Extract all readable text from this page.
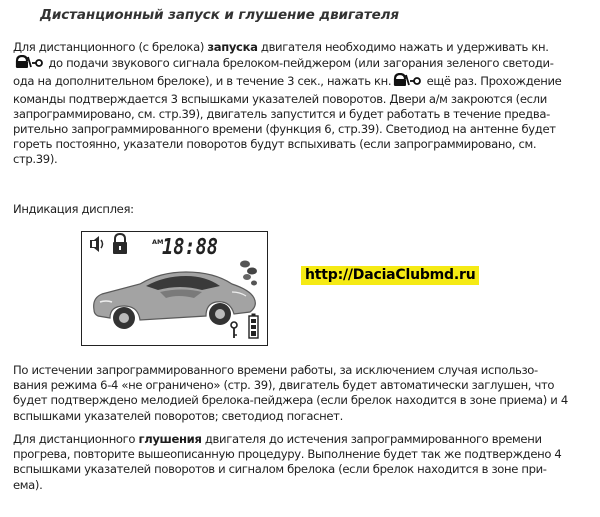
Дистанционный запуск и глушение двигателя
Для дистанционного (с брелока) запуска двигателя необходимо нажать и удерживать кн.
до подачи звукового сигнала брелоком-пейджером (или загорания зеленого светоди-
ода на дополнительном брелоке), и в течение 3 сек., нажать кн.	ещё раз. Прохождение
команды подтверждается 3 вспышками указателей поворотов. Двери а/м закроются (если
запрограммировано, см. стр.39), двигатель запустится и будет работать в течение предва-
рительно запрограммированного времени (функция 6, стр.39). Светодиод на антенне будет
гореть постоянно, указатели поворотов будут вспыхивать (если запрограммировано, см.
стр.39).
Индикация дисплея:
AM
18:88
http://DaciaClubmd.ru
По истечении запрограммированного времени работы, за исключением случая использо-
вания режима 6-4 «не ограничено» (стр. 39), двигатель будет автоматически заглушен, что
будет подтверждено мелодией брелока-пейджера (если брелок находится в зоне приема) и 4
вспышками указателей поворотов; светодиод погаснет.
Для дистанционного глушения двигателя до истечения запрограммированного времени
прогрева, повторите вышеописанную процедуру. Выполнение будет так же подтверждено 4
вспышками указателей поворотов и сигналом брелока (если брелок находится в зоне при-
ема).
